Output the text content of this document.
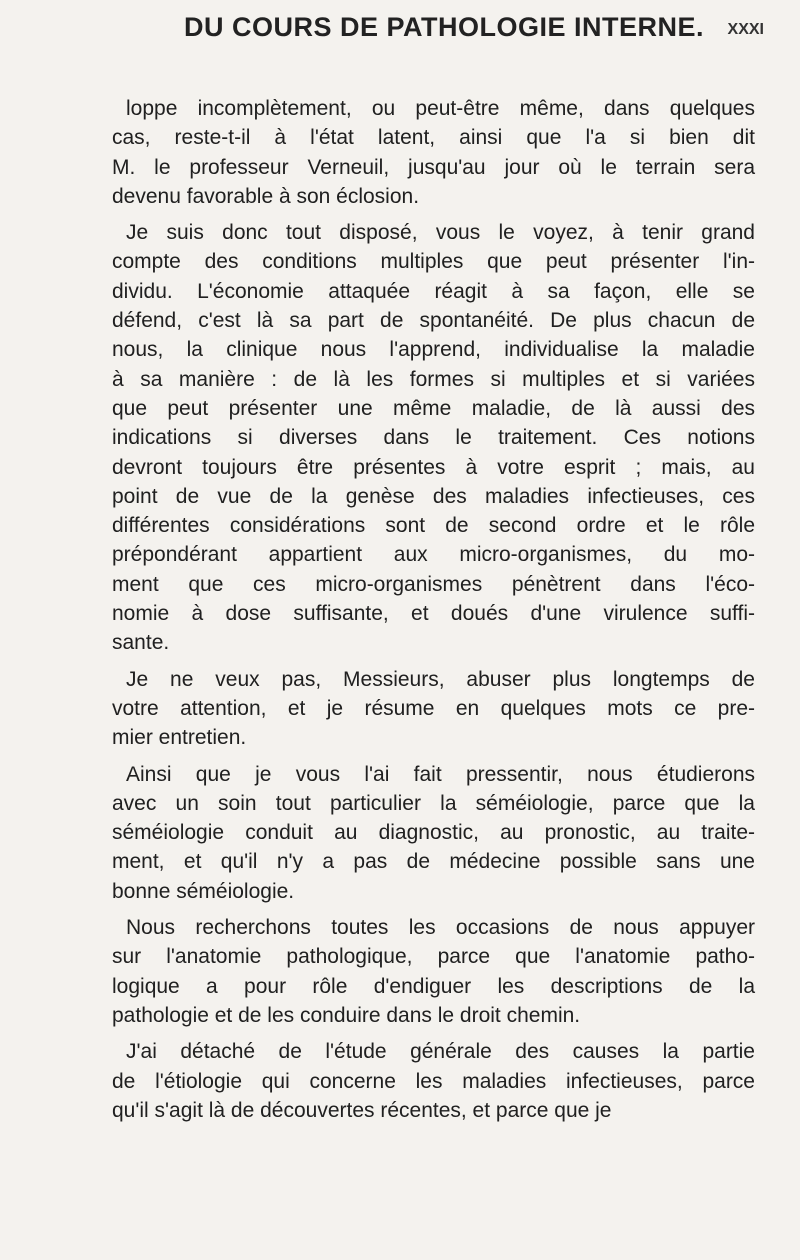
DU COURS DE PATHOLOGIE INTERNE. XXXI
loppe incomplètement, ou peut-être même, dans quelques
cas, reste-t-il à l'état latent, ainsi que l'a si bien dit
M. le professeur Verneuil, jusqu'au jour où le terrain sera
devenu favorable à son éclosion.
Je suis donc tout disposé, vous le voyez, à tenir grand
compte des conditions multiples que peut présenter l'in-
dividu. L'économie attaquée réagit à sa façon, elle se
défend, c'est là sa part de spontanéité. De plus chacun de
nous, la clinique nous l'apprend, individualise la maladie
à sa manière : de là les formes si multiples et si variées
que peut présenter une même maladie, de là aussi des
indications si diverses dans le traitement. Ces notions
devront toujours être présentes à votre esprit ; mais, au
point de vue de la genèse des maladies infectieuses, ces
différentes considérations sont de second ordre et le rôle
prépondérant appartient aux micro-organismes, du mo-
ment que ces micro-organismes pénètrent dans l'éco-
nomie à dose suffisante, et doués d'une virulence suffi-
sante.
Je ne veux pas, Messieurs, abuser plus longtemps de
votre attention, et je résume en quelques mots ce pre-
mier entretien.
Ainsi que je vous l'ai fait pressentir, nous étudierons
avec un soin tout particulier la séméiologie, parce que la
séméiologie conduit au diagnostic, au pronostic, au traite-
ment, et qu'il n'y a pas de médecine possible sans une
bonne séméiologie.
Nous recherchons toutes les occasions de nous appuyer
sur l'anatomie pathologique, parce que l'anatomie patho-
logique a pour rôle d'endiguer les descriptions de la
pathologie et de les conduire dans le droit chemin.
J'ai détaché de l'étude générale des causes la partie
de l'étiologie qui concerne les maladies infectieuses, parce
qu'il s'agit là de découvertes récentes, et parce que je
